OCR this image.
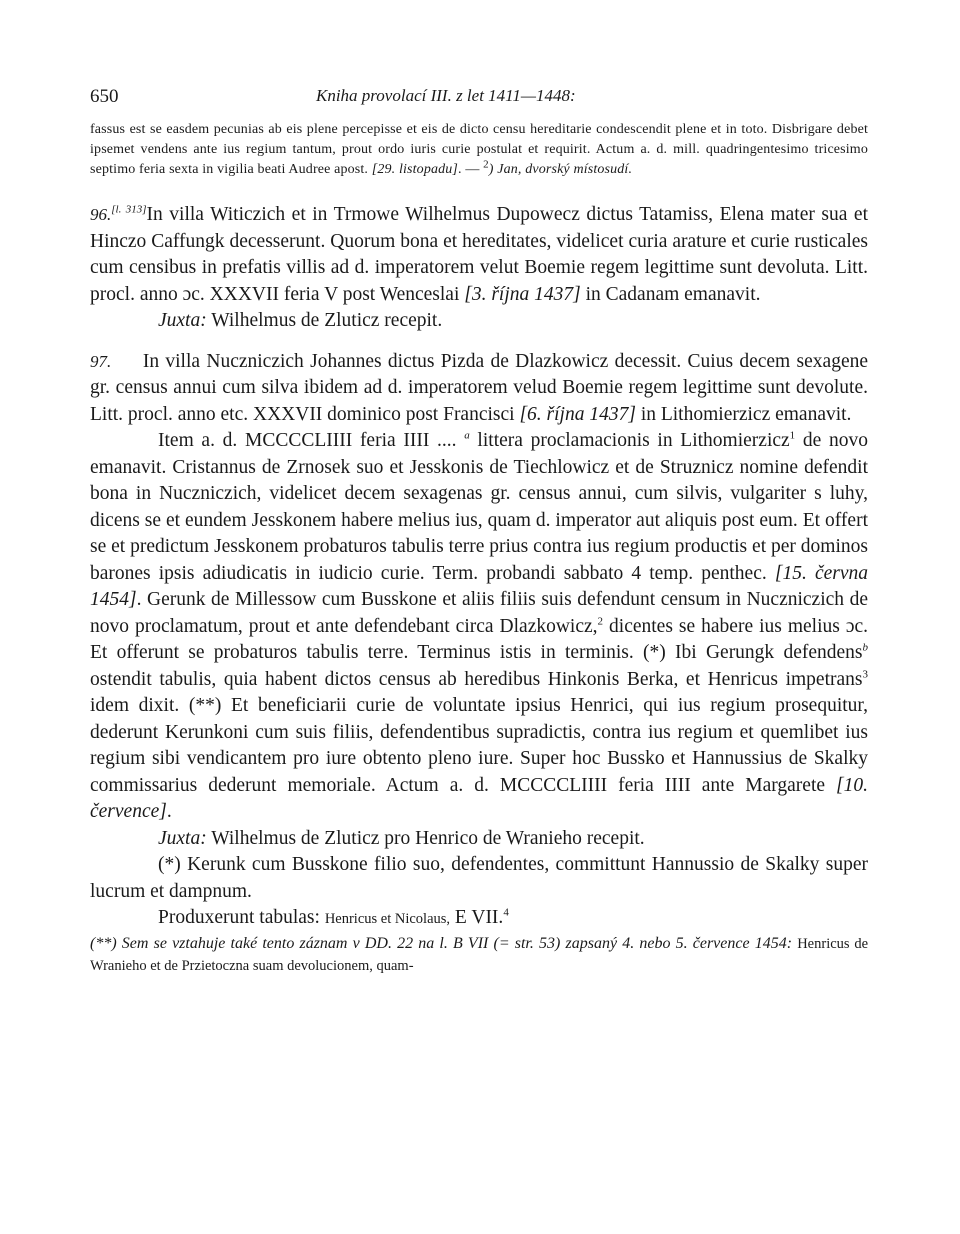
650	Kniha provolací III. z let 1411—1448:

fassus est se easdem pecunias ab eis plene percepisse et eis de dicto censu hereditarie condescendit plene et in toto. Disbrigare debet ipsemet vendens ante ius regium tantum, prout ordo iuris curie postulat et requirit. Actum a. d. mill. quadringentesimo tricesimo septimo feria sexta in vigilia beati Audree apost. [29. listopadu]. — $^2$) Jan, dvorský místosudí.

96.[l. 313]In villa Witiczich et in Trmowe Wilhelmus Dupowecz dictus Tatamiss, Elena mater sua et Hinczo Caffungk decesserunt. Quorum bona et hereditates, videlicet curia arature et curie rusticales cum censibus in prefatis villis ad d. imperatorem velut Boemie regem legittime sunt devoluta. Litt. procl. anno ɔc. XXXVII feria V post Wenceslai [3. října 1437] in Cadanam emanavit.

Juxta: Wilhelmus de Zluticz recepit.

97. In villa Nuczniczich Johannes dictus Pizda de Dlazkowicz decessit. Cuius decem sexagene gr. census annui cum silva ibidem ad d. imperatorem velud Boemie regem legittime sunt devolute. Litt. procl. anno etc. XXXVII dominico post Francisci [6. října 1437] in Lithomierzicz emanavit.

Item a. d. MCCCCLIIII feria IIII .... $^a$ littera proclamacionis in Lithomierzicz$^1$ de novo emanavit. Cristannus de Zrnosek suo et Jesskonis de Tiechlowicz et de Struznicz nomine defendit bona in Nuczniczich, videlicet decem sexagenas gr. census annui, cum silvis, vulgariter s luhy, dicens se et eundem Jesskonem habere melius ius, quam d. imperator aut aliquis post eum. Et offert se et predictum Jesskonem probaturos tabulis terre prius contra ius regium productis et per dominos barones ipsis adiudicatis in iudicio curie. Term. probandi sabbato 4 temp. penthec. [15. června 1454]. Gerunk de Millessow cum Busskone et aliis filiis suis defendunt censum in Nuczniczich de novo proclamatum, prout et ante defendebant circa Dlazkowicz,$^2$ dicentes se habere ius melius ɔc. Et offerunt se probaturos tabulis terre. Terminus istis in terminis. (*) Ibi Gerungk defendens$^b$ ostendit tabulis, quia habent dictos census ab heredibus Hinkonis Berka, et Henricus impetrans$^3$ idem dixit. (**) Et beneficiarii curie de voluntate ipsius Henrici, qui ius regium prosequitur, dederunt Kerunkoni cum suis filiis, defendentibus supradictis, contra ius regium et quemlibet ius regium sibi vendicantem pro iure obtento pleno iure. Super hoc Bussko et Hannussius de Skalky commissarius dederunt memoriale. Actum a. d. MCCCCLIIII feria IIII ante Margarete [10. července].

Juxta: Wilhelmus de Zluticz pro Henrico de Wranieho recepit.

(*) Kerunk cum Busskone filio suo, defendentes, committunt Hannussio de Skalky super lucrum et dampnum.

Produxerunt tabulas: Henricus et Nicolaus, E VII.$^4$

(**) Sem se vztahuje také tento záznam v DD. 22 na l. B VII (= str. 53) zapsaný 4. nebo 5. července 1454: Henricus de Wranieho et de Przietoczna suam devolucionem, quam-
